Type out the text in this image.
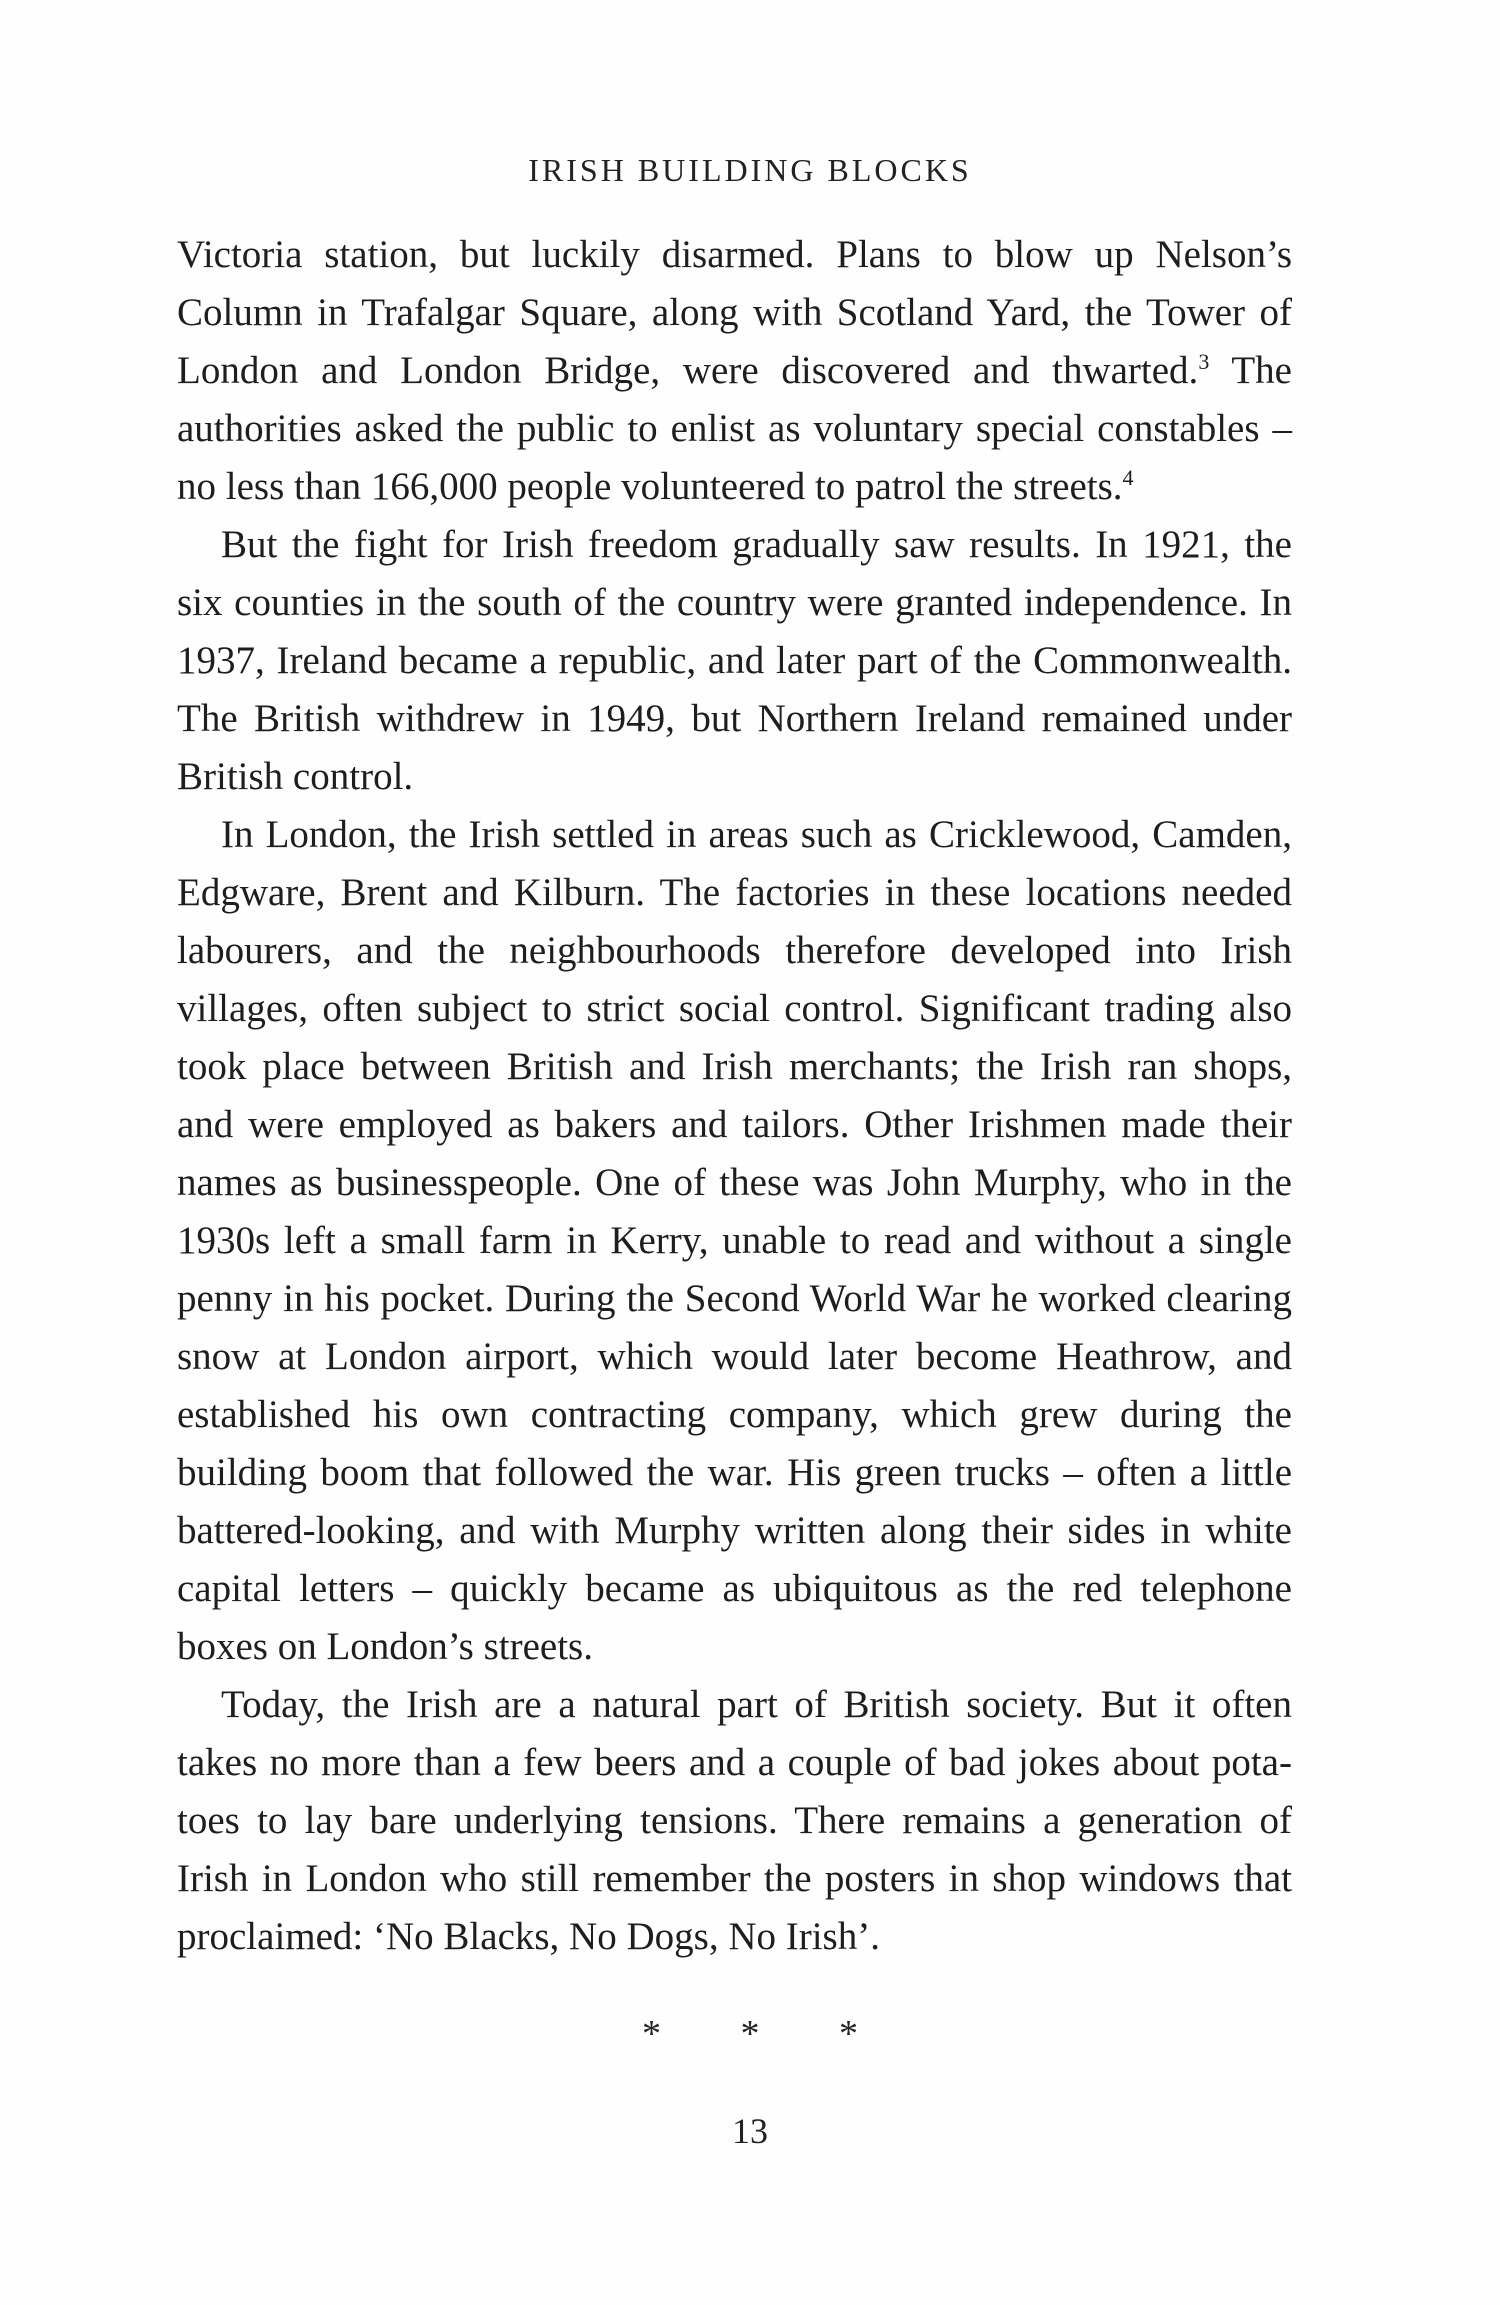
IRISH BUILDING BLOCKS

Victoria station, but luckily disarmed. Plans to blow up Nelson’s Column in Trafalgar Square, along with Scotland Yard, the Tower of London and London Bridge, were discovered and thwarted.$^3$ The authorities asked the public to enlist as voluntary special constables – no less than 166,000 people volunteered to patrol the streets.$^4$

But the fight for Irish freedom gradually saw results. In 1921, the six counties in the south of the country were granted independence. In 1937, Ireland became a republic, and later part of the Commonwealth. The British withdrew in 1949, but Northern Ireland remained under British control.

In London, the Irish settled in areas such as Cricklewood, Camden, Edgware, Brent and Kilburn. The factories in these locations needed labourers, and the neighbourhoods therefore developed into Irish villages, often subject to strict social control. Significant trading also took place between British and Irish merchants; the Irish ran shops, and were employed as bakers and tailors. Other Irishmen made their names as businesspeople. One of these was John Murphy, who in the 1930s left a small farm in Kerry, unable to read and without a single penny in his pocket. During the Second World War he worked clearing snow at London airport, which would later become Heathrow, and established his own contracting company, which grew during the building boom that followed the war. His green trucks – often a little battered-looking, and with Murphy written along their sides in white capital letters – quickly became as ubiquitous as the red telephone boxes on London’s streets.

Today, the Irish are a natural part of British society. But it often takes no more than a few beers and a couple of bad jokes about potatoes to lay bare underlying tensions. There remains a generation of Irish in London who still remember the posters in shop windows that proclaimed: ‘No Blacks, No Dogs, No Irish’.

* * *
13
